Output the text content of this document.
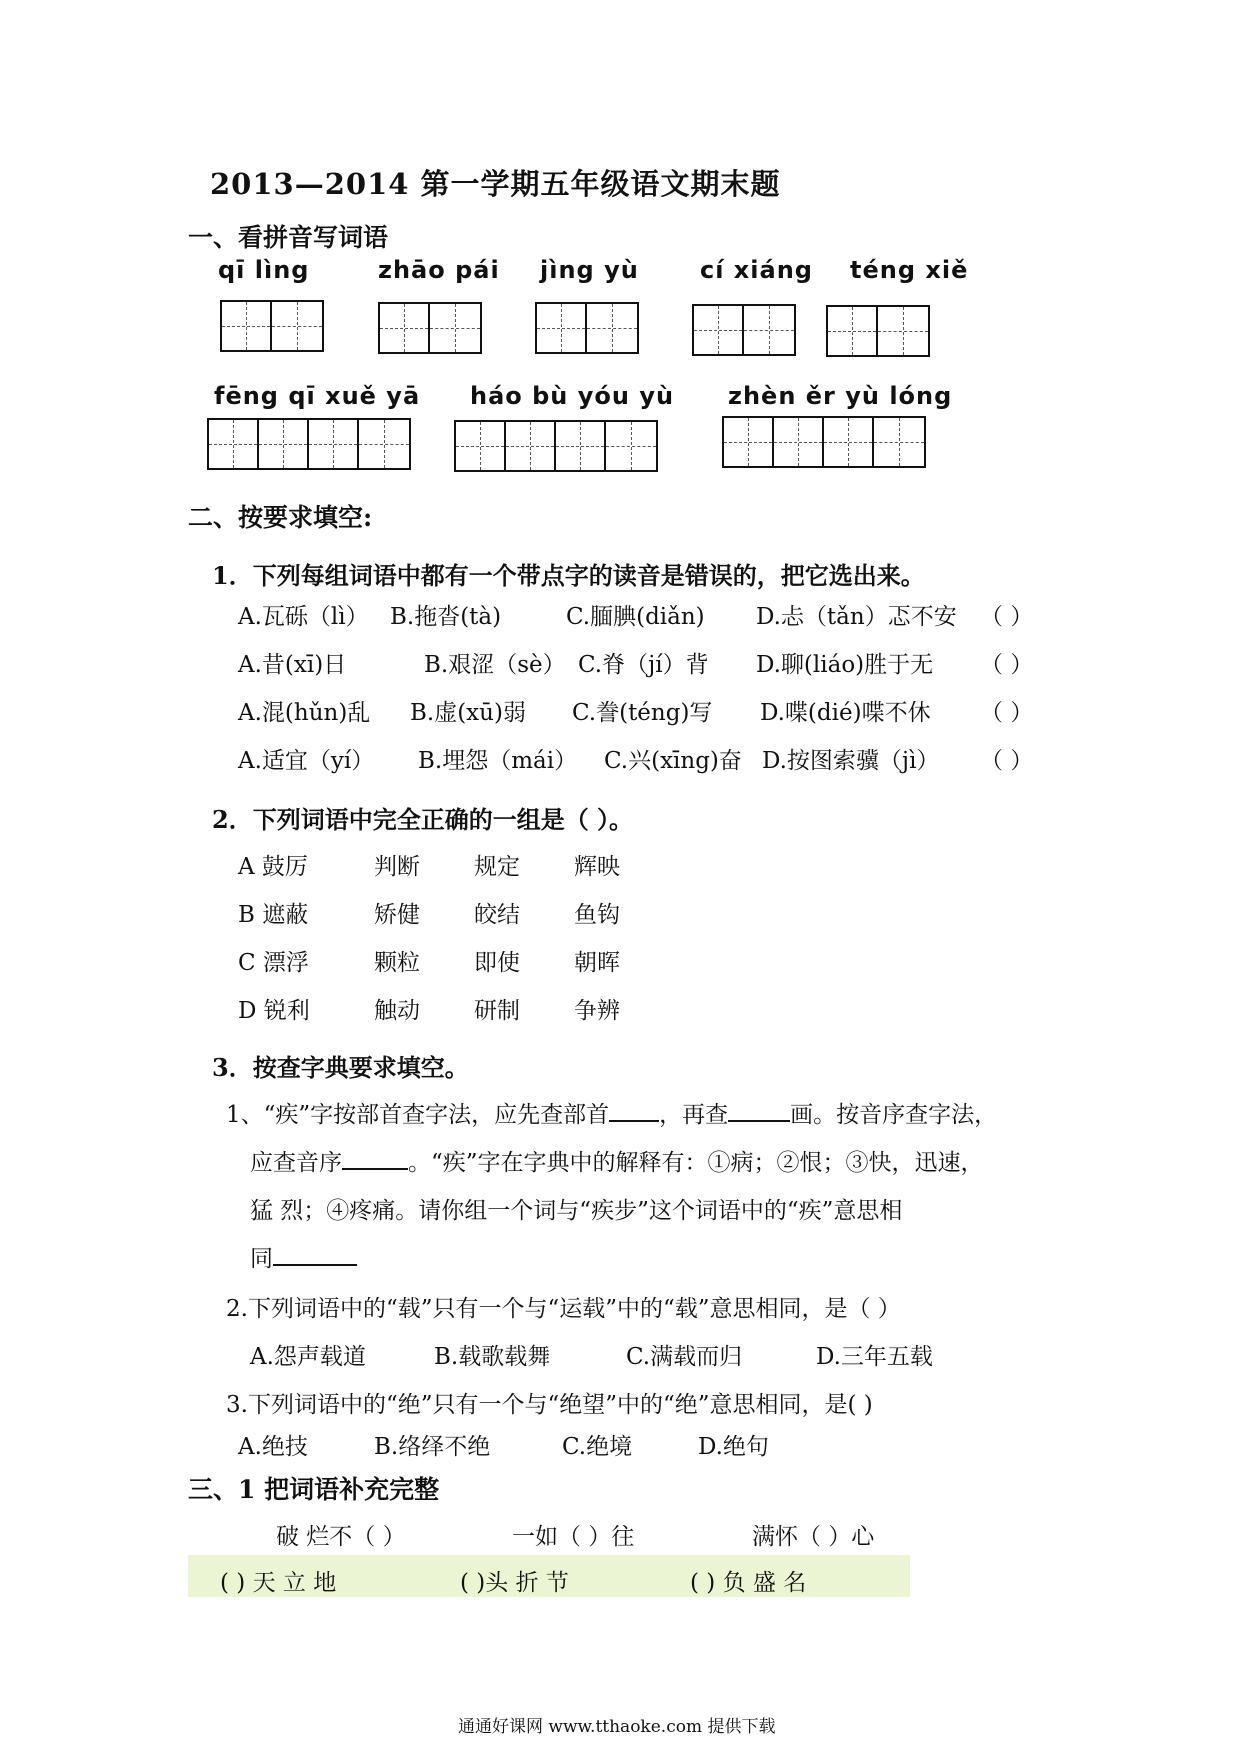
2013—2014 第一学期五年级语文期末题
一、看拼音写词语
qī lìng	zhāo pái jìng yù	cí xiáng téng xiě
fēng qī xuě yā háo bù yóu yù zhèn ěr yù lóng
二、按要求填空:
1．下列每组词语中都有一个带点字的读音是错误的，把它选出来。
A.瓦砾（lì） B.拖沓(tà)	C.腼腆(diǎn) D.忐（tǎn）忑不安 （ ）
A.昔(xī)日	B.艰涩（sè） C.脊（jí）背 D.聊(liáo)胜于无 （ ）
A.混(hǔn)乱 B.虚(xū)弱 C.誊(téng)写 D.喋(dié)喋不休 （ ）
A.适宜（yí） B.埋怨（mái） C.兴(xīng)奋 D.按图索骥（jì） （ ）
2．下列词语中完全正确的一组是（ ）。
A 鼓厉	判断 规定 辉映
B 遮蔽	矫健 皎结 鱼钩
C 漂浮	颗粒 即使 朝晖
D 锐利	触动 研制 争辨
3．按查字典要求填空。
1、“疾”字按部首查字法，应先查部首 ，再查	画。按音序查字法，
应查音序	。“疾”字在字典中的解释有：①病；②恨；③快，迅速，
猛 烈；④疼痛。请你组一个词与“疾步”这个词语中的“疾”意思相
同
2.下列词语中的“载”只有一个与“运载”中的“载”意思相同，是（ ）
A.怨声载道	B.载歌载舞	C.满载而归	D.三年五载
3.下列词语中的“绝”只有一个与“绝望”中的“绝”意思相同，是( )
A.绝技	B.络绎不绝	C.绝境	D.绝句
三、1 把词语补充完整
破 烂不（ ）	一如（ ）往	满怀（ ）心
( ) 天 立 地	( )头 折 节	( ) 负 盛 名
通通好课网 www.tthaoke.com 提供下载
